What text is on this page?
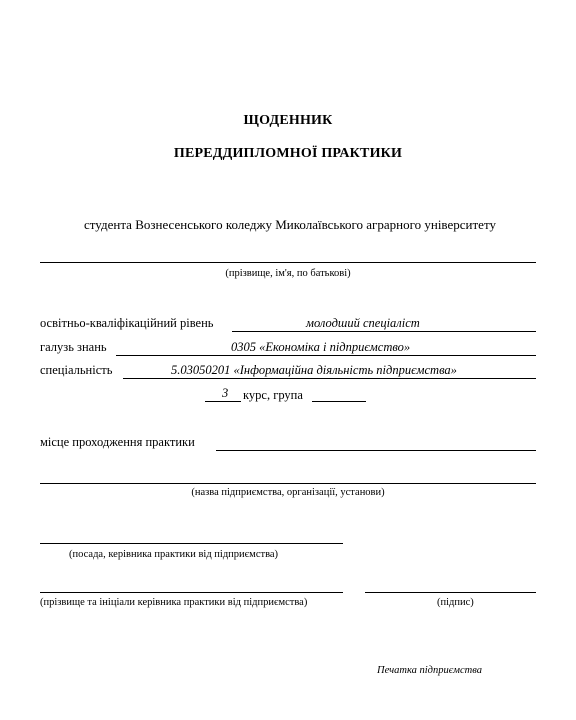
ЩОДЕННИК
ПЕРЕДДИПЛОМНОЇ ПРАКТИКИ
студента Вознесенського коледжу Миколаївського аграрного університету
(прізвище, ім'я, по батькові)
освітньо-кваліфікаційний рівень	молодший спеціаліст
галузь знань	0305 «Економіка і підприємство»
спеціальність	5.03050201 «Інформаційна діяльність підприємства»
3 курс, група
місце проходження практики
(назва підприємства, організації, установи)
(посада, керівника практики від підприємства)
(прізвище та ініціали керівника практики від підприємства)	(підпис)
Печатка підприємства
